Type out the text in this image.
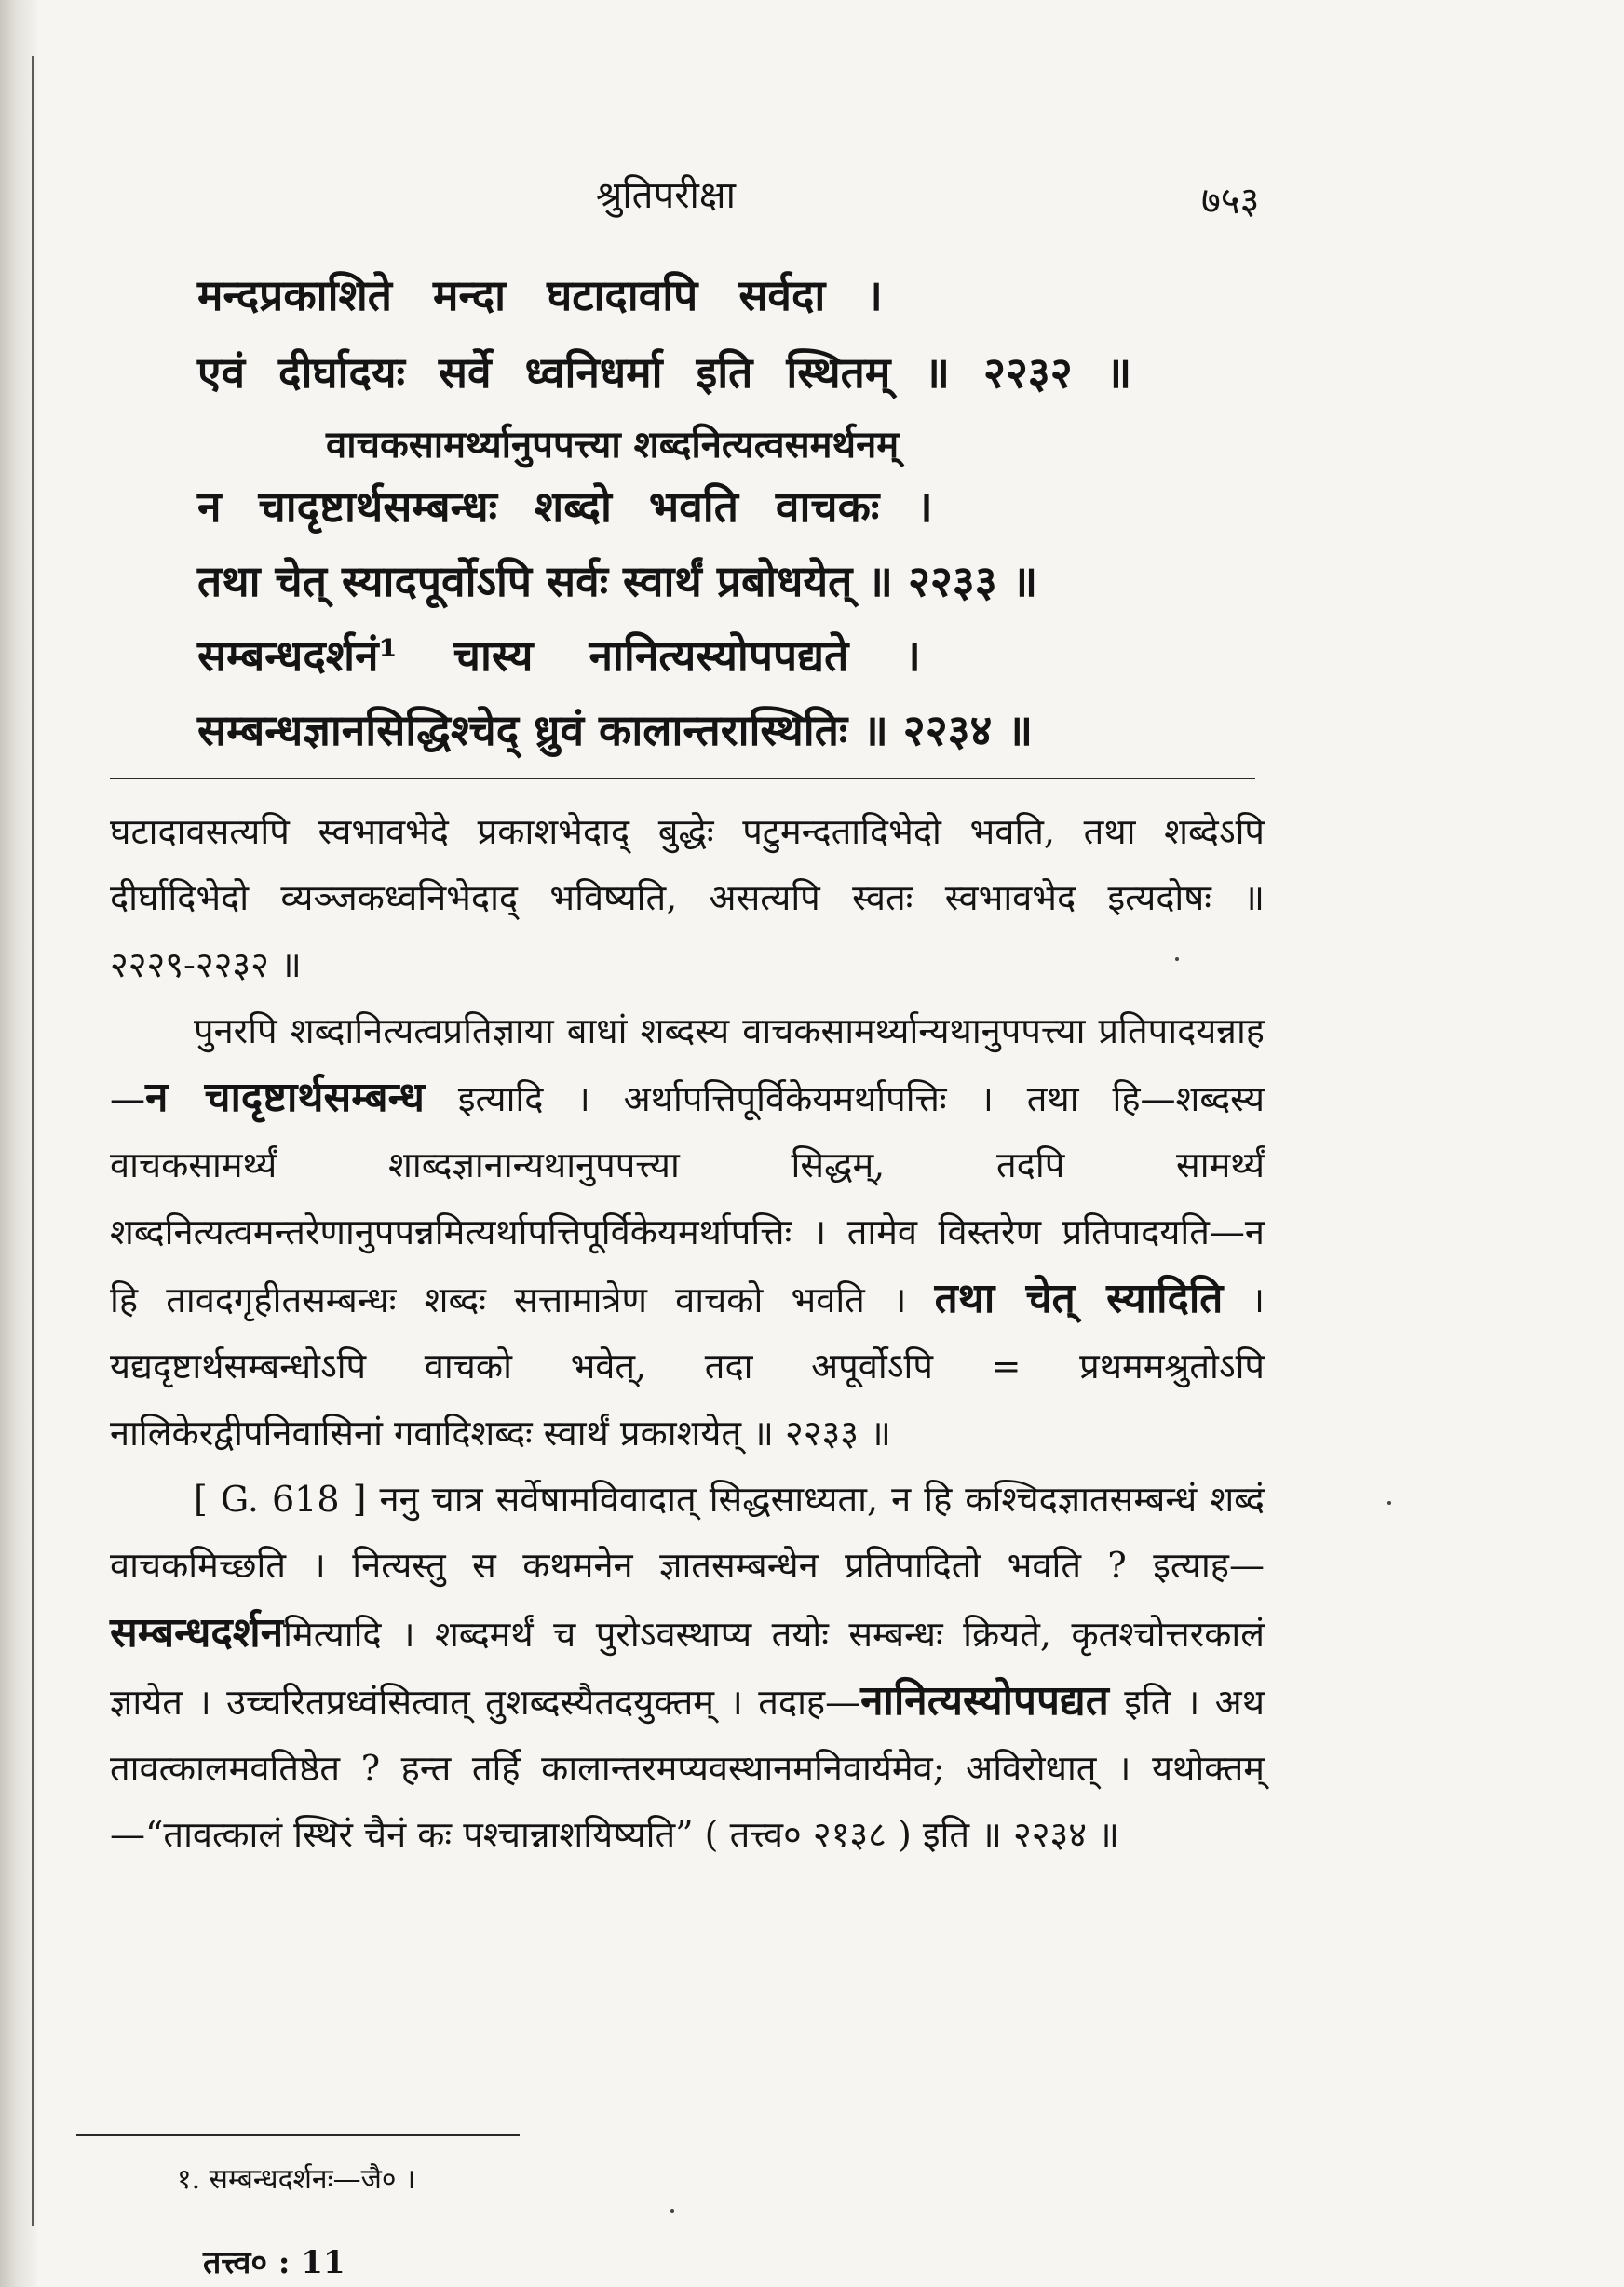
श्रुतिपरीक्षा	७५३
मन्दप्रकाशिते मन्दा घटादावपि सर्वदा ।
एवं दीर्घादयः सर्वे ध्वनिधर्मा इति स्थितम् ॥ २२३२ ॥
वाचकसामर्थ्यानुपपत्त्या शब्दनित्यत्वसमर्थनम्
न चादृष्टार्थसम्बन्धः शब्दो भवति वाचकः ।
तथा चेत् स्यादपूर्वोऽपि सर्वः स्वार्थं प्रबोधयेत् ॥ २२३३ ॥
सम्बन्धदर्शनं¹ चास्य नानित्यस्योपपद्यते ।
सम्बन्धज्ञानसिद्धिश्चेद् ध्रुवं कालान्तरास्थितिः ॥ २२३४ ॥

घटादावसत्यपि स्वभावभेदे प्रकाशभेदाद् बुद्धेः पटुमन्दतादिभेदो भवति, तथा शब्देऽपि दीर्घादिभेदो व्यञ्जकध्वनिभेदाद् भविष्यति, असत्यपि स्वतः स्वभावभेद इत्यदोषः ॥ २२२९-२२३२ ॥

पुनरपि शब्दानित्यत्वप्रतिज्ञाया बाधां शब्दस्य वाचकसामर्थ्यान्यथानुपपत्त्या प्रतिपादयन्नाह—न चादृष्टार्थसम्बन्ध इत्यादि । अर्थापत्तिपूर्विकेयमर्थापत्तिः । तथा हि—शब्दस्य वाचकसामर्थ्यं शाब्दज्ञानान्यथानुपपत्त्या सिद्धम्, तदपि सामर्थ्यं शब्दनित्यत्वमन्तरेणानुपपन्नमित्यर्थापत्तिपूर्विकेयमर्थापत्तिः । तामेव विस्तरेण प्रतिपादयति—न हि तावदगृहीतसम्बन्धः शब्दः सत्तामात्रेण वाचको भवति । तथा चेत् स्यादिति । यद्यदृष्टार्थसम्बन्धोऽपि वाचको भवेत्, तदा अपूर्वोऽपि = प्रथममश्रुतोऽपि नालिकेरद्वीपनिवासिनां गवादिशब्दः स्वार्थं प्रकाशयेत् ॥ २२३३ ॥

[ G. 618 ] ननु चात्र सर्वेषामविवादात् सिद्धसाध्यता, न हि कश्चिदज्ञातसम्बन्धं शब्दं वाचकमिच्छति । नित्यस्तु स कथमनेन ज्ञातसम्बन्धेन प्रतिपादितो भवति ? इत्याह—सम्बन्धदर्शनमित्यादि । शब्दमर्थं च पुरोऽवस्थाप्य तयोः सम्बन्धः क्रियते, कृतश्चोत्तरकालं ज्ञायेत । उच्चरितप्रध्वंसित्वात् तुशब्दस्यैतदयुक्तम् । तदाह—नानित्यस्योपपद्यत इति । अथ तावत्कालमवतिष्ठेत ? हन्त तर्हि कालान्तरमप्यवस्थानमनिवार्यमेव; अविरोधात् । यथोक्तम्—“तावत्कालं स्थिरं चैनं कः पश्चान्नाशयिष्यति” ( तत्त्व० २१३८ ) इति ॥ २२३४ ॥

१. सम्बन्धदर्शनः—जै० ।
तत्त्व० : 11
